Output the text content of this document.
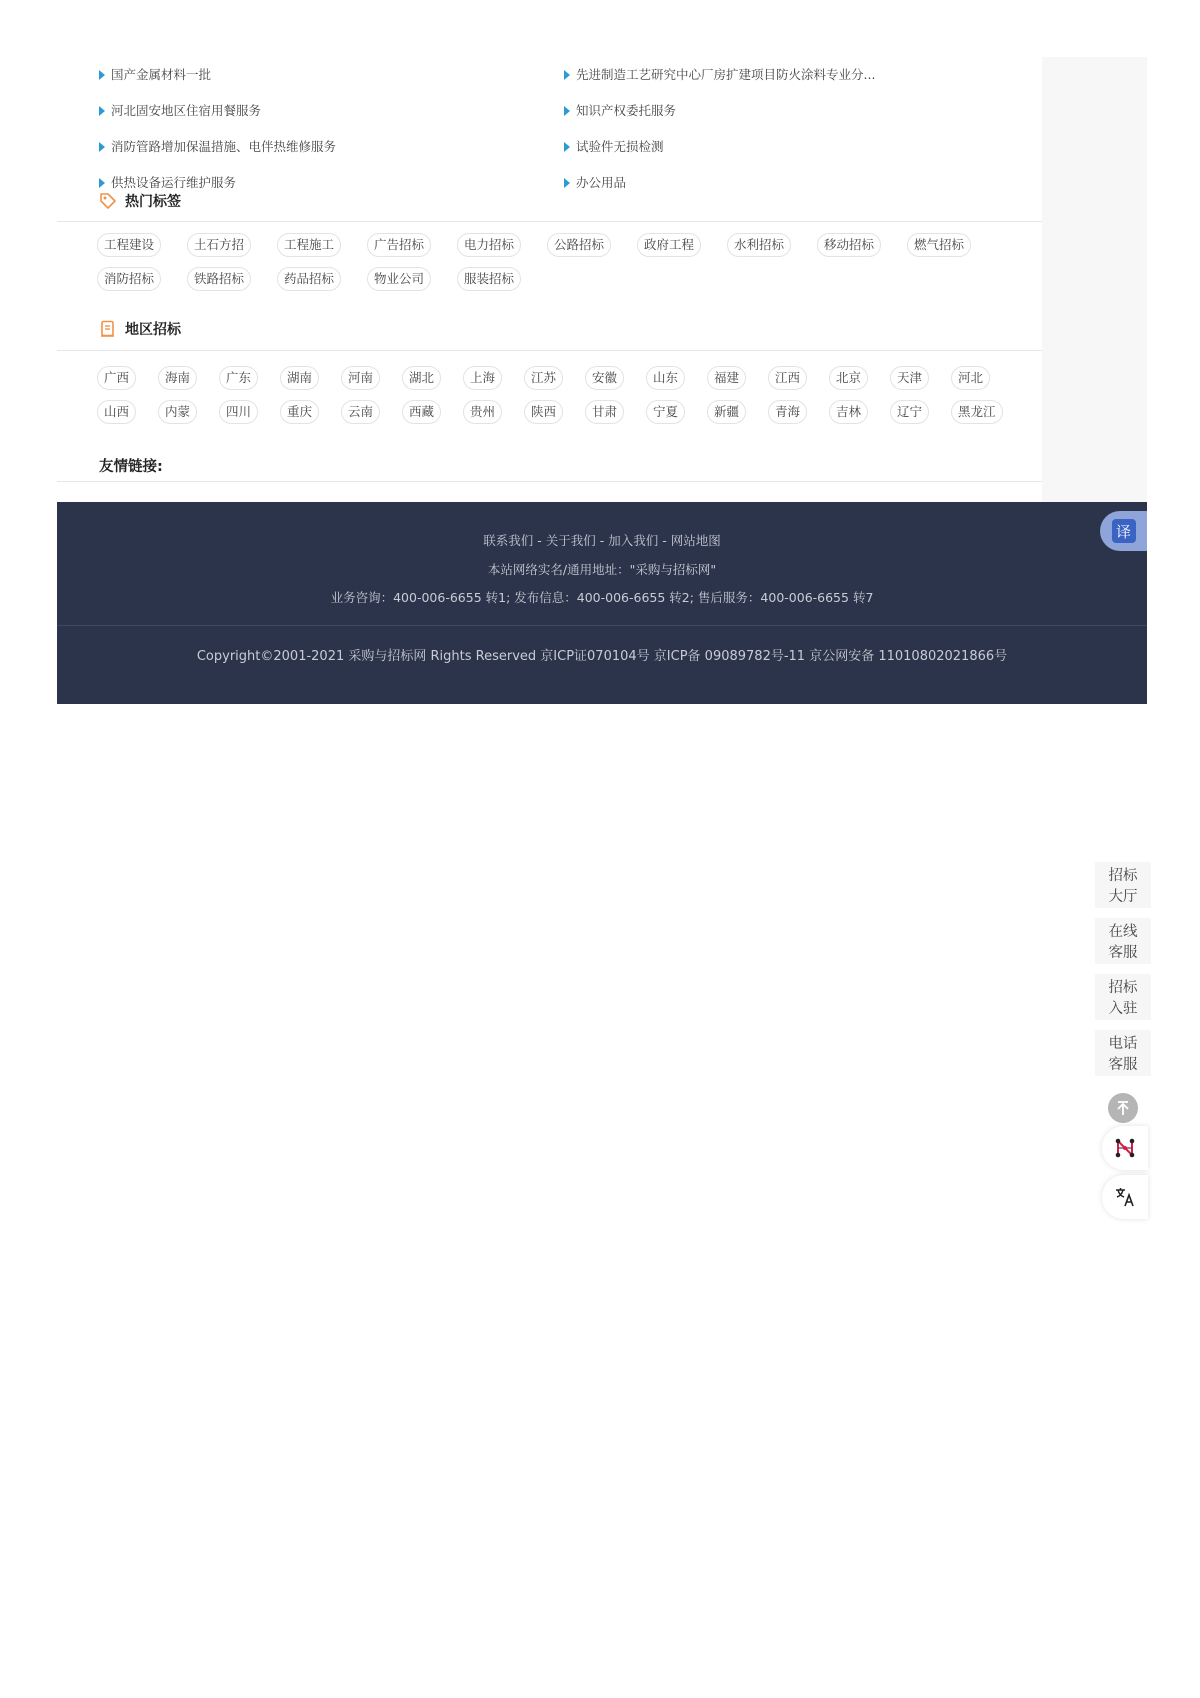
国产金属材料一批	先进制造工艺研究中心厂房扩建项目防火涂料专业分...
河北固安地区住宿用餐服务	知识产权委托服务
消防管路增加保温措施、电伴热维修服务	试验件无损检测
供热设备运行维护服务	办公用品
热门标签
工程建设	土石方招	工程施工	广告招标	电力招标	公路招标	政府工程	水利招标	移动招标	燃气招标
消防招标	铁路招标	药品招标	物业公司	服装招标
地区招标
广西	海南	广东	湖南	河南	湖北	上海	江苏	安徽	山东	福建	江西	北京	天津	河北
山西	内蒙	四川	重庆	云南	西藏	贵州	陕西	甘肃	宁夏	新疆	青海	吉林	辽宁	黑龙江
友情链接:
联系我们 - 关于我们 - 加入我们 - 网站地图
本站网络实名/通用地址："采购与招标网"
业务咨询：400-006-6655 转1; 发布信息：400-006-6655 转2; 售后服务：400-006-6655 转7
Copyright©2001-2021 采购与招标网 Rights Reserved 京ICP证070104号 京ICP备 09089782号-11 京公网安备 11010802021866号
译
招标
大厅
在线
客服
招标
入驻
电话
客服
